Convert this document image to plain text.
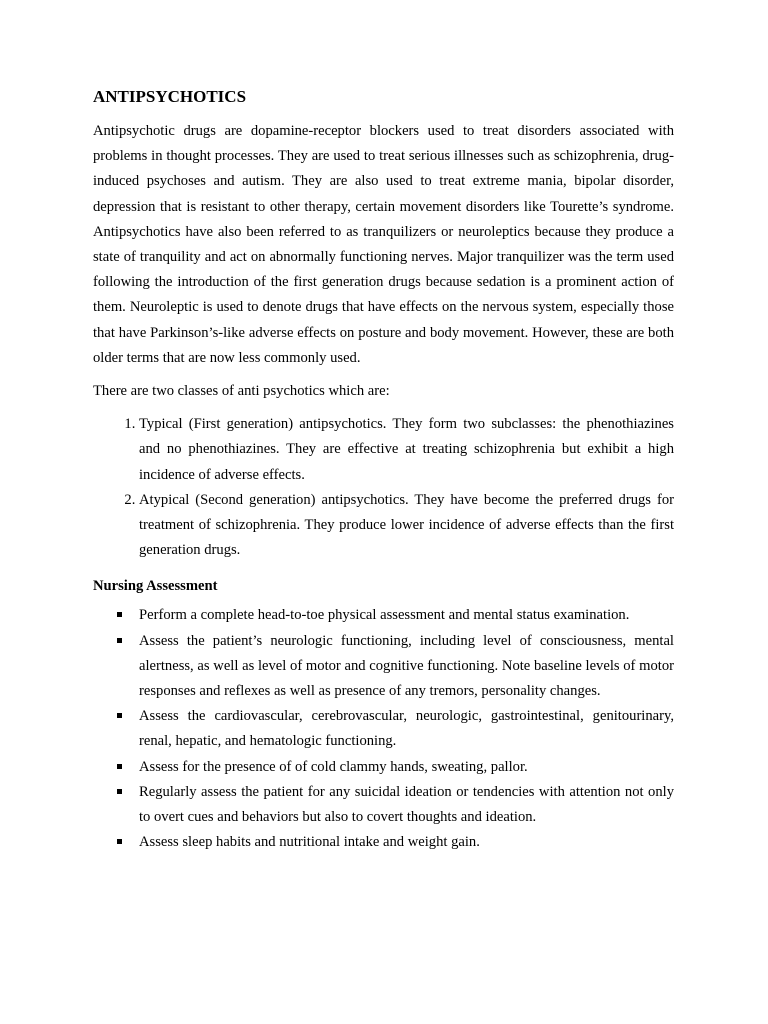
ANTIPSYCHOTICS

Antipsychotic drugs are dopamine-receptor blockers used to treat disorders associated with problems in thought processes. They are used to treat serious illnesses such as schizophrenia, drug-induced psychoses and autism. They are also used to treat extreme mania, bipolar disorder, depression that is resistant to other therapy, certain movement disorders like Tourette’s syndrome. Antipsychotics have also been referred to as tranquilizers or neuroleptics because they produce a state of tranquility and act on abnormally functioning nerves. Major tranquilizer was the term used following the introduction of the first generation drugs because sedation is a prominent action of them. Neuroleptic is used to denote drugs that have effects on the nervous system, especially those that have Parkinson’s-like adverse effects on posture and body movement. However, these are both older terms that are now less commonly used.

There are two classes of anti psychotics which are:

1. Typical (First generation) antipsychotics. They form two subclasses: the phenothiazines and no phenothiazines. They are effective at treating schizophrenia but exhibit a high incidence of adverse effects.
2. Atypical (Second generation) antipsychotics. They have become the preferred drugs for treatment of schizophrenia. They produce lower incidence of adverse effects than the first generation drugs.
Nursing Assessment
Perform a complete head-to-toe physical assessment and mental status examination.
Assess the patient’s neurologic functioning, including level of consciousness, mental alertness, as well as level of motor and cognitive functioning. Note baseline levels of motor responses and reflexes as well as presence of any tremors, personality changes.
Assess the cardiovascular, cerebrovascular, neurologic, gastrointestinal, genitourinary, renal, hepatic, and hematologic functioning.
Assess for the presence of of cold clammy hands, sweating, pallor.
Regularly assess the patient for any suicidal ideation or tendencies with attention not only to overt cues and behaviors but also to covert thoughts and ideation.
Assess sleep habits and nutritional intake and weight gain.
